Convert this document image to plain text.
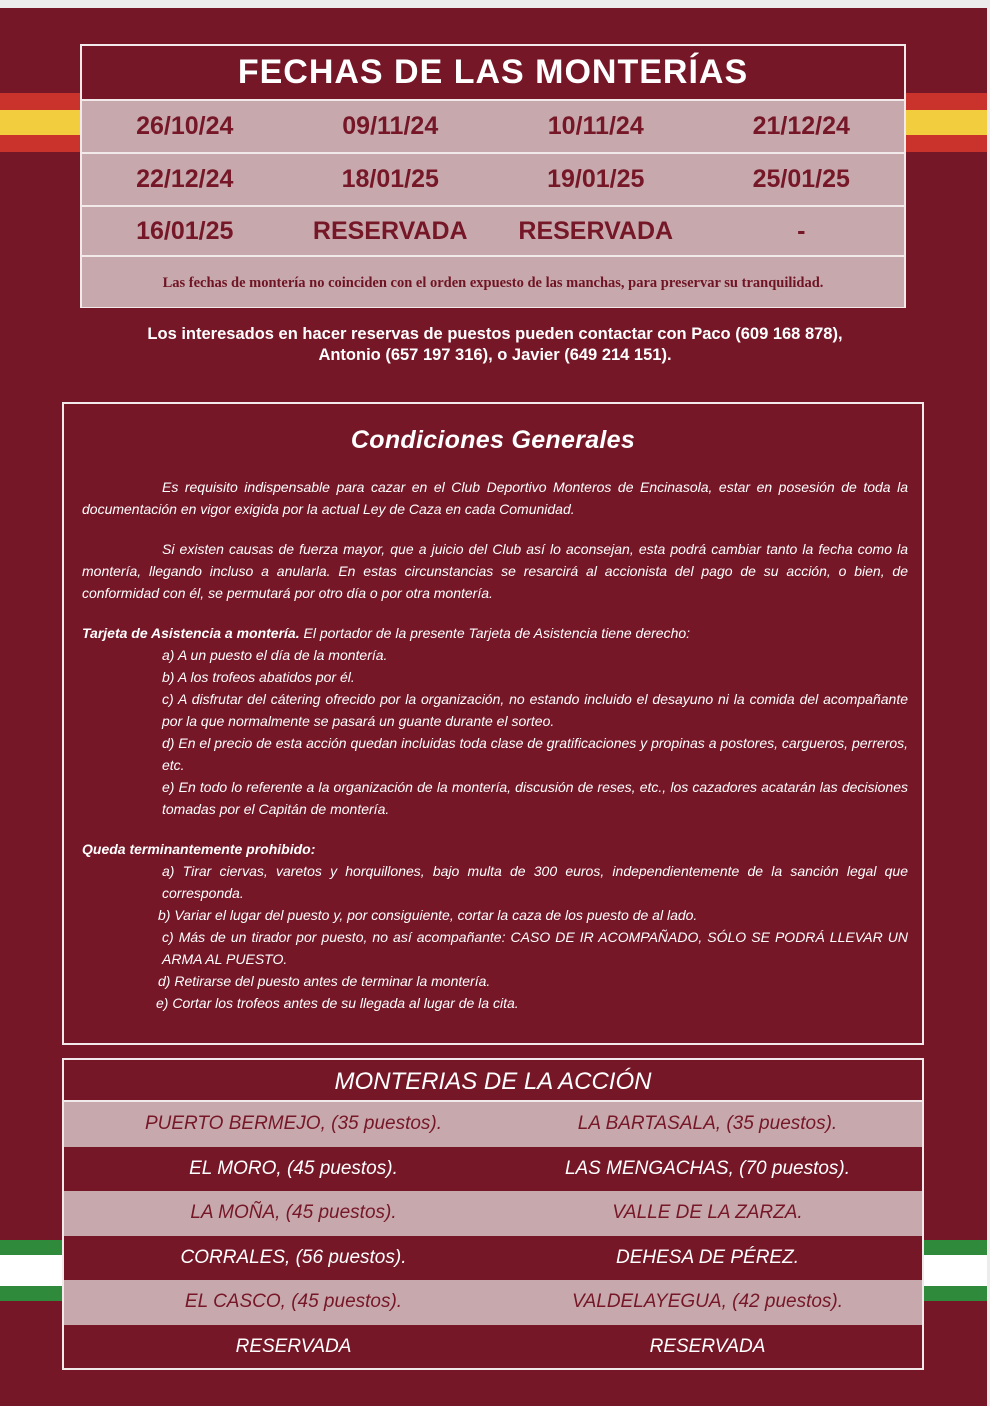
FECHAS DE LAS MONTERÍAS
26/10/24	09/11/24	10/11/24	21/12/24
22/12/24	18/01/25	19/01/25	25/01/25
16/01/25	RESERVADA	RESERVADA	-
Las fechas de montería no coinciden con el orden expuesto de las manchas, para preservar su tranquilidad.
Los interesados en hacer reservas de puestos pueden contactar con Paco (609 168 878),
Antonio (657 197 316), o Javier (649 214 151).
Condiciones Generales
Es requisito indispensable para cazar en el Club Deportivo Monteros de Encinasola, estar en posesión de toda la documentación en vigor exigida por la actual Ley de Caza en cada Comunidad.
Si existen causas de fuerza mayor, que a juicio del Club así lo aconsejan, esta podrá cambiar tanto la fecha como la montería, llegando incluso a anularla. En estas circunstancias se resarcirá al accionista del pago de su acción, o bien, de conformidad con él, se permutará por otro día o por otra montería.
Tarjeta de Asistencia a montería. El portador de la presente Tarjeta de Asistencia tiene derecho:
a) A un puesto el día de la montería.
b) A los trofeos abatidos por él.
c) A disfrutar del cátering ofrecido por la organización, no estando incluido el desayuno ni la comida del acompañante por la que normalmente se pasará un guante durante el sorteo.
d) En el precio de esta acción quedan incluidas toda clase de gratificaciones y propinas a postores, cargueros, perreros, etc.
e) En todo lo referente a la organización de la montería, discusión de reses, etc., los cazadores acatarán las decisiones tomadas por el Capitán de montería.
Queda terminantemente prohibido:
a) Tirar ciervas, varetos y horquillones, bajo multa de 300 euros, independientemente de la sanción legal que corresponda.
b) Variar el lugar del puesto y, por consiguiente, cortar la caza de los puesto de al lado.
c) Más de un tirador por puesto, no así acompañante: CASO DE IR ACOMPAÑADO, SÓLO SE PODRÁ LLEVAR UN ARMA AL PUESTO.
d) Retirarse del puesto antes de terminar la montería.
e) Cortar los trofeos antes de su llegada al lugar de la cita.
MONTERIAS DE LA ACCIÓN
PUERTO BERMEJO, (35 puestos).	LA BARTASALA, (35 puestos).
EL MORO, (45 puestos).	LAS MENGACHAS, (70 puestos).
LA MOÑA, (45 puestos).	VALLE DE LA ZARZA.
CORRALES, (56 puestos).	DEHESA DE PÉREZ.
EL CASCO, (45 puestos).	VALDELAYEGUA, (42 puestos).
RESERVADA	RESERVADA
